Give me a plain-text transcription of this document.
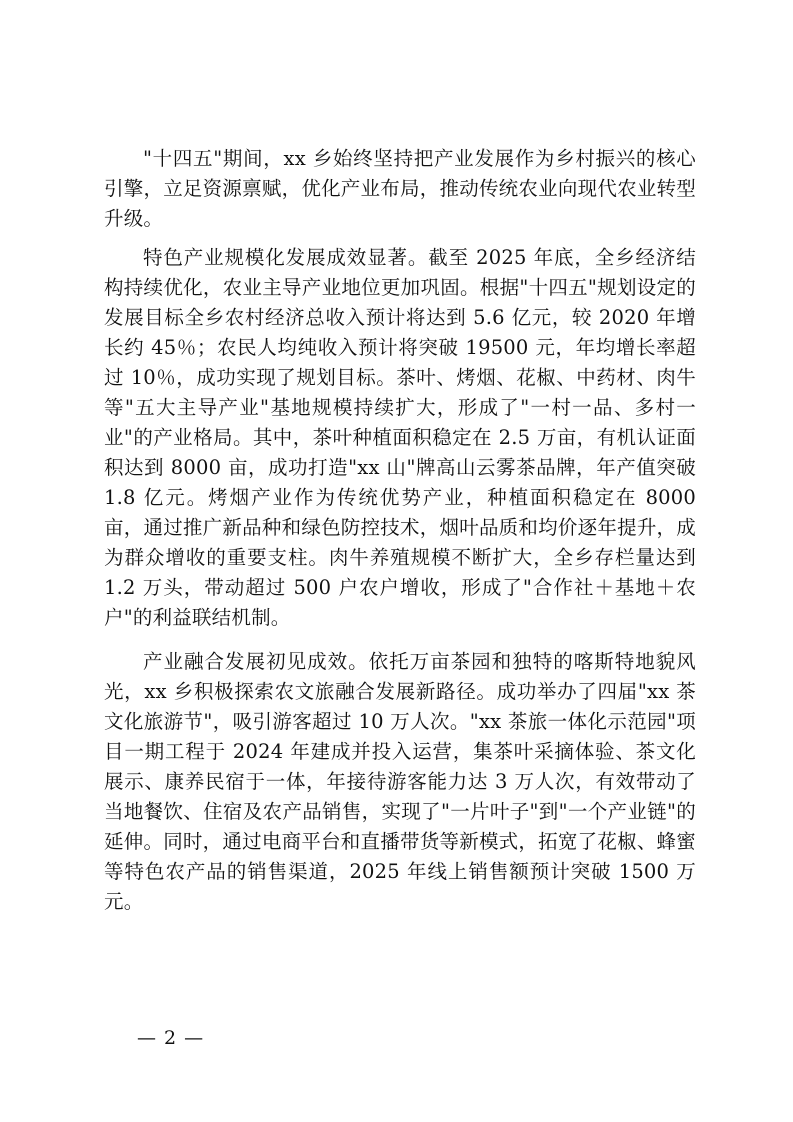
"十四五"期间，xx 乡始终坚持把产业发展作为乡村振兴的核心引擎，立足资源禀赋，优化产业布局，推动传统农业向现代农业转型升级。

特色产业规模化发展成效显著。截至 2025 年底，全乡经济结构持续优化，农业主导产业地位更加巩固。根据"十四五"规划设定的发展目标全乡农村经济总收入预计将达到 5.6 亿元，较 2020 年增长约 45％；农民人均纯收入预计将突破 19500 元，年均增长率超过 10％，成功实现了规划目标。茶叶、烤烟、花椒、中药材、肉牛等"五大主导产业"基地规模持续扩大，形成了"一村一品、多村一业"的产业格局。其中，茶叶种植面积稳定在 2.5 万亩，有机认证面积达到 8000 亩，成功打造"xx 山"牌高山云雾茶品牌，年产值突破 1.8 亿元。烤烟产业作为传统优势产业，种植面积稳定在 8000 亩，通过推广新品种和绿色防控技术，烟叶品质和均价逐年提升，成为群众增收的重要支柱。肉牛养殖规模不断扩大，全乡存栏量达到 1.2 万头，带动超过 500 户农户增收，形成了"合作社＋基地＋农户"的利益联结机制。

产业融合发展初见成效。依托万亩茶园和独特的喀斯特地貌风光，xx 乡积极探索农文旅融合发展新路径。成功举办了四届"xx 茶文化旅游节"，吸引游客超过 10 万人次。"xx 茶旅一体化示范园"项目一期工程于 2024 年建成并投入运营，集茶叶采摘体验、茶文化展示、康养民宿于一体，年接待游客能力达 3 万人次，有效带动了当地餐饮、住宿及农产品销售，实现了"一片叶子"到"一个产业链"的延伸。同时，通过电商平台和直播带货等新模式，拓宽了花椒、蜂蜜等特色农产品的销售渠道，2025 年线上销售额预计突破 1500 万元。

— 2 —
